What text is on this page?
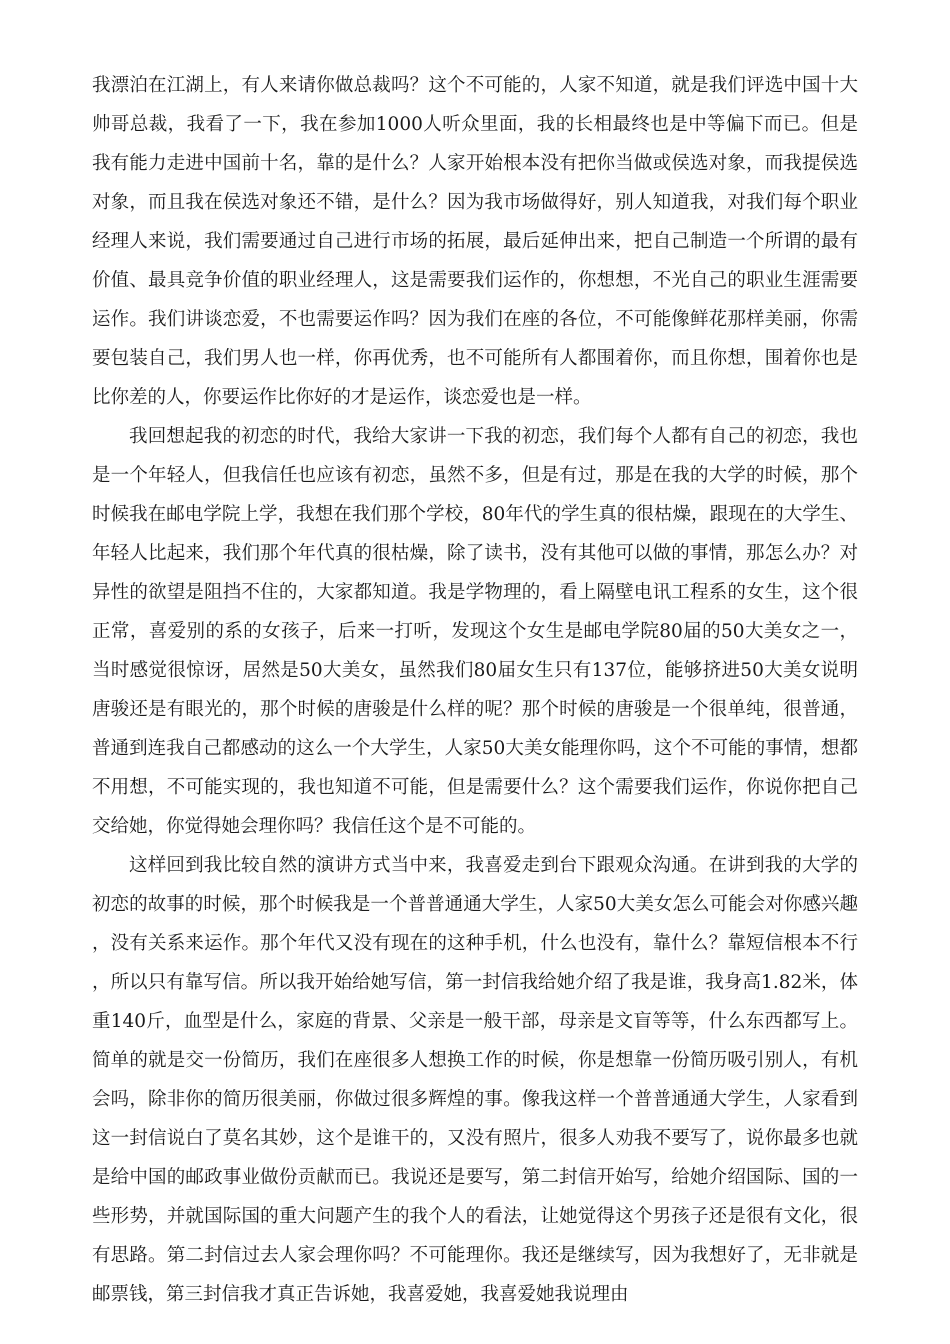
我漂泊在江湖上，有人来请你做总裁吗？这个不可能的，人家不知道，就是我们评选中国十大帅哥总裁，我看了一下，我在参加1000人听众里面，我的长相最终也是中等偏下而已。但是我有能力走进中国前十名，靠的是什么？人家开始根本没有把你当做或侯选对象，而我提侯选对象，而且我在侯选对象还不错，是什么？因为我市场做得好，别人知道我，对我们每个职业经理人来说，我们需要通过自己进行市场的拓展，最后延伸出来，把自己制造一个所谓的最有价值、最具竞争价值的职业经理人，这是需要我们运作的，你想想，不光自己的职业生涯需要运作。我们讲谈恋爱，不也需要运作吗？因为我们在座的各位，不可能像鲜花那样美丽，你需要包装自己，我们男人也一样，你再优秀，也不可能所有人都围着你，而且你想，围着你也是比你差的人，你要运作比你好的才是运作，谈恋爱也是一样。

我回想起我的初恋的时代，我给大家讲一下我的初恋，我们每个人都有自己的初恋，我也是一个年轻人，但我信任也应该有初恋，虽然不多，但是有过，那是在我的大学的时候，那个时候我在邮电学院上学，我想在我们那个学校，80年代的学生真的很枯燥，跟现在的大学生、年轻人比起来，我们那个年代真的很枯燥，除了读书，没有其他可以做的事情，那怎么办？对异性的欲望是阻挡不住的，大家都知道。我是学物理的，看上隔壁电讯工程系的女生，这个很正常，喜爱别的系的女孩子，后来一打听，发现这个女生是邮电学院80届的50大美女之一，当时感觉很惊讶，居然是50大美女，虽然我们80届女生只有137位，能够挤进50大美女说明唐骏还是有眼光的，那个时候的唐骏是什么样的呢？那个时候的唐骏是一个很单纯，很普通，普通到连我自己都感动的这么一个大学生，人家50大美女能理你吗，这个不可能的事情，想都不用想，不可能实现的，我也知道不可能，但是需要什么？这个需要我们运作，你说你把自己交给她，你觉得她会理你吗？我信任这个是不可能的。

这样回到我比较自然的演讲方式当中来，我喜爱走到台下跟观众沟通。在讲到我的大学的初恋的故事的时候，那个时候我是一个普普通通大学生，人家50大美女怎么可能会对你感兴趣，没有关系来运作。那个年代又没有现在的这种手机，什么也没有，靠什么？靠短信根本不行，所以只有靠写信。所以我开始给她写信，第一封信我给她介绍了我是谁，我身高1.82米，体重140斤，血型是什么，家庭的背景、父亲是一般干部，母亲是文盲等等，什么东西都写上。简单的就是交一份简历，我们在座很多人想换工作的时候，你是想靠一份简历吸引别人，有机会吗，除非你的简历很美丽，你做过很多辉煌的事。像我这样一个普普通通大学生，人家看到这一封信说白了莫名其妙，这个是谁干的，又没有照片，很多人劝我不要写了，说你最多也就是给中国的邮政事业做份贡献而已。我说还是要写，第二封信开始写，给她介绍国际、国的一些形势，并就国际国的重大问题产生的我个人的看法，让她觉得这个男孩子还是很有文化，很有思路。第二封信过去人家会理你吗？不可能理你。我还是继续写，因为我想好了，无非就是邮票钱，第三封信我才真正告诉她，我喜爱她，我喜爱她我说理由
